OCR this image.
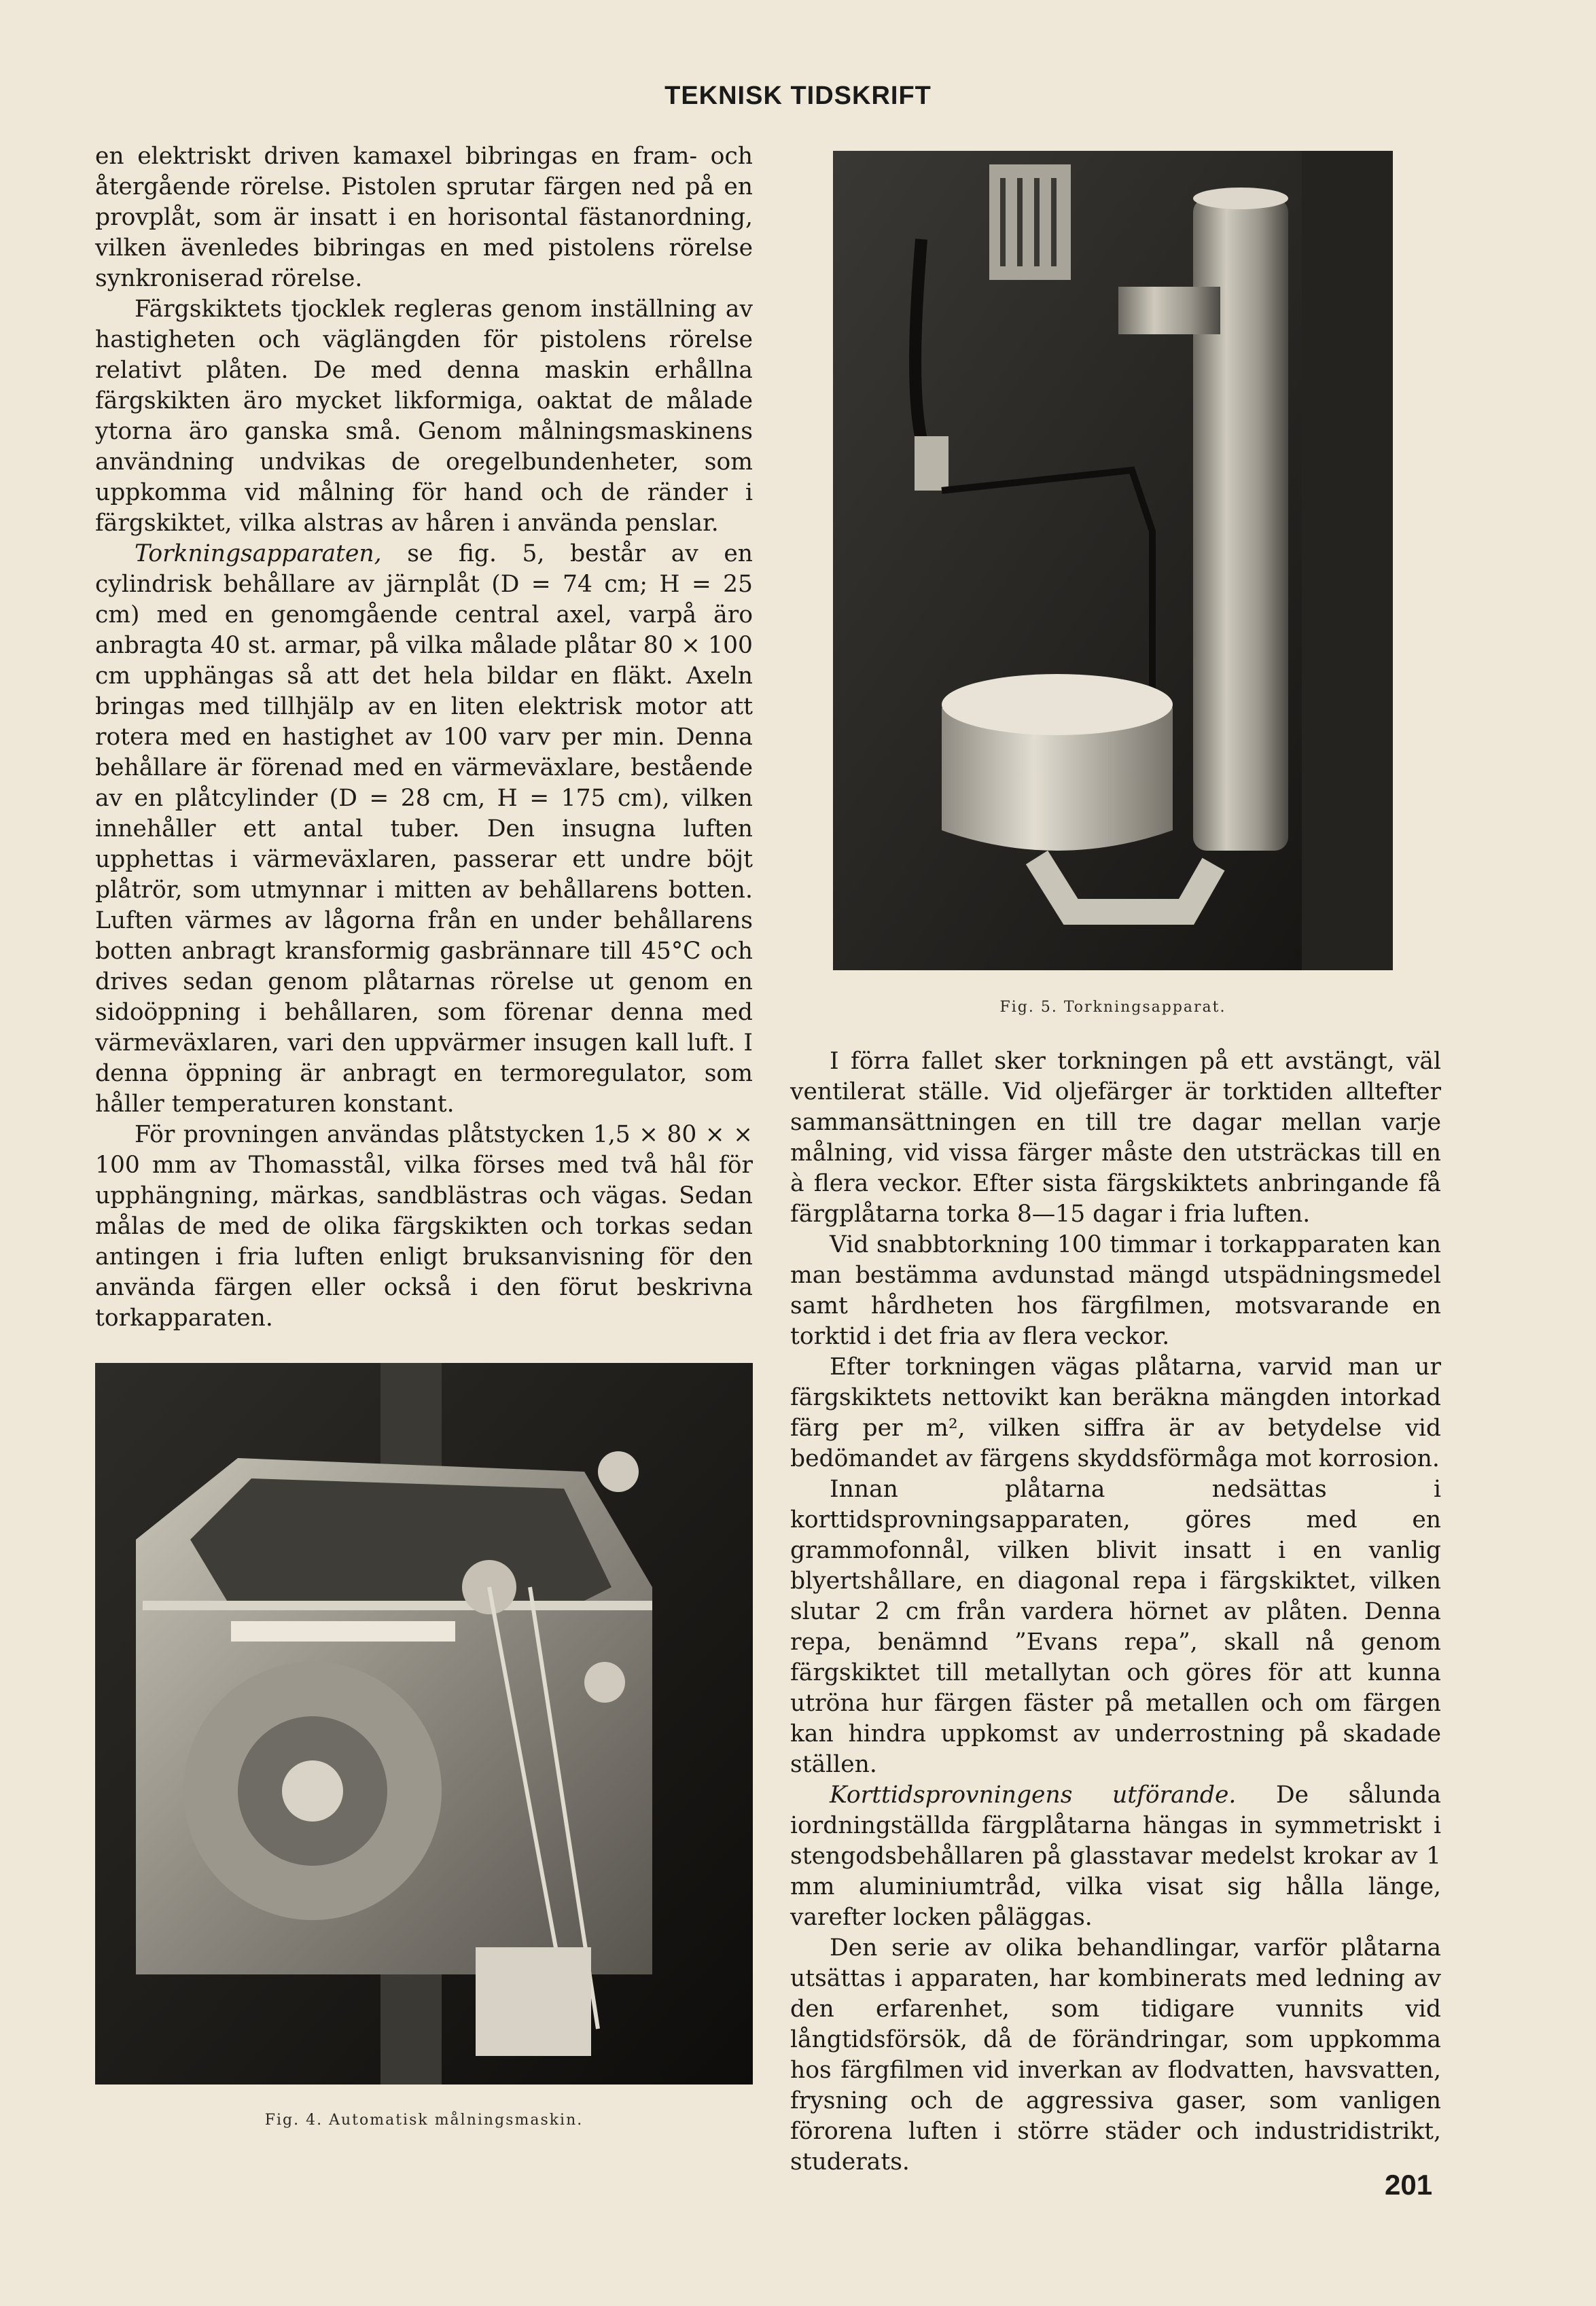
TEKNISK TIDSKRIFT

en elektriskt driven kamaxel bibringas en fram- och återgående rörelse. Pistolen sprutar färgen ned på en provplåt, som är insatt i en horisontal fästanordning, vilken ävenledes bibringas en med pistolens rörelse synkroniserad rörelse.

Färgskiktets tjocklek regleras genom inställning av hastigheten och väglängden för pistolens rörelse relativt plåten. De med denna maskin erhållna färgskikten äro mycket likformiga, oaktat de målade ytorna äro ganska små. Genom målningsmaskinens användning undvikas de oregelbundenheter, som uppkomma vid målning för hand och de ränder i färgskiktet, vilka alstras av håren i använda penslar.

Torkningsapparaten, se fig. 5, består av en cylindrisk behållare av järnplåt (D = 74 cm; H = 25 cm) med en genomgående central axel, varpå äro anbragta 40 st. armar, på vilka målade plåtar 80 × 100 cm upphängas så att det hela bildar en fläkt. Axeln bringas med tillhjälp av en liten elektrisk motor att rotera med en hastighet av 100 varv per min. Denna behållare är förenad med en värmeväxlare, bestående av en plåtcylinder (D = 28 cm, H = 175 cm), vilken innehåller ett antal tuber. Den insugna luften upphettas i värmeväxlaren, passerar ett undre böjt plåtrör, som utmynnar i mitten av behållarens botten. Luften värmes av lågorna från en under behållarens botten anbragt kransformig gasbrännare till 45°C och drives sedan genom plåtarnas rörelse ut genom en sidoöppning i behållaren, som förenar denna med värmeväxlaren, vari den uppvärmer insugen kall luft. I denna öppning är anbragt en termoregulator, som håller temperaturen konstant.

För provningen användas plåtstycken 1,5 × 80 × × 100 mm av Thomasstål, vilka förses med två hål för upphängning, märkas, sandblästras och vägas. Sedan målas de med de olika färgskikten och torkas sedan antingen i fria luften enligt bruksanvisning för den använda färgen eller också i den förut beskrivna torkapparaten.

Fig. 5. Torkningsapparat.
Fig. 4. Automatisk målningsmaskin.

I förra fallet sker torkningen på ett avstängt, väl ventilerat ställe. Vid oljefärger är torktiden alltefter sammansättningen en till tre dagar mellan varje målning, vid vissa färger måste den utsträckas till en à flera veckor. Efter sista färgskiktets anbringande få färgplåtarna torka 8—15 dagar i fria luften.

Vid snabbtorkning 100 timmar i torkapparaten kan man bestämma avdunstad mängd utspädningsmedel samt hårdheten hos färgfilmen, motsvarande en torktid i det fria av flera veckor.

Efter torkningen vägas plåtarna, varvid man ur färgskiktets nettovikt kan beräkna mängden intorkad färg per m², vilken siffra är av betydelse vid bedömandet av färgens skyddsförmåga mot korrosion.

Innan plåtarna nedsättas i korttidsprovningsapparaten, göres med en grammofonnål, vilken blivit insatt i en vanlig blyertshållare, en diagonal repa i färgskiktet, vilken slutar 2 cm från vardera hörnet av plåten. Denna repa, benämnd ”Evans repa”, skall nå genom färgskiktet till metallytan och göres för att kunna utröna hur färgen fäster på metallen och om färgen kan hindra uppkomst av underrostning på skadade ställen.

Korttidsprovningens utförande. De sålunda iordningställda färgplåtarna hängas in symmetriskt i stengodsbehållaren på glasstavar medelst krokar av 1 mm aluminiumtråd, vilka visat sig hålla länge, varefter locken påläggas.

Den serie av olika behandlingar, varför plåtarna utsättas i apparaten, har kombinerats med ledning av den erfarenhet, som tidigare vunnits vid långtidsförsök, då de förändringar, som uppkomma hos färgfilmen vid inverkan av flodvatten, havsvatten, frysning och de aggressiva gaser, som vanligen förorena luften i större städer och industridistrikt, studerats.

201
